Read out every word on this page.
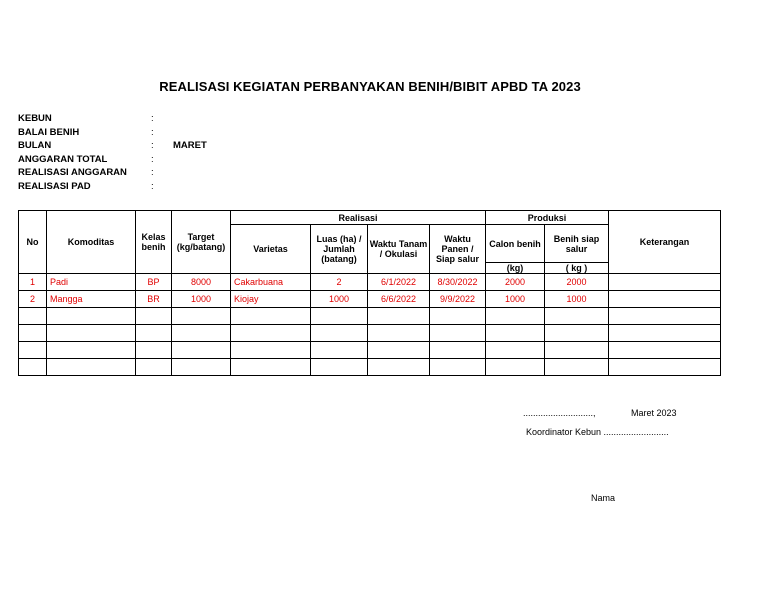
REALISASI KEGIATAN PERBANYAKAN BENIH/BIBIT APBD TA 2023
KEBUN	:
BALAI BENIH	:
BULAN	: MARET
ANGGARAN TOTAL	:
REALISASI ANGGARAN	:
REALISASI PAD	:
No	Komoditas	Kelas benih	Target (kg/batang)	Realisasi				Produksi		Keterangan
				Varietas	Luas (ha) / Jumlah (batang)	Waktu Tanam / Okulasi	Waktu Panen / Siap salur	Calon benih	Benih siap salur	
								(kg)	( kg )	
1	Padi	BP	8000	Cakarbuana	2	6/1/2022	8/30/2022	2000	2000	
2	Mangga	BR	1000	Kiojay	1000	6/6/2022	9/9/2022	1000	1000	

............................,	Maret 2023
Koordinator Kebun ..........................
Nama
